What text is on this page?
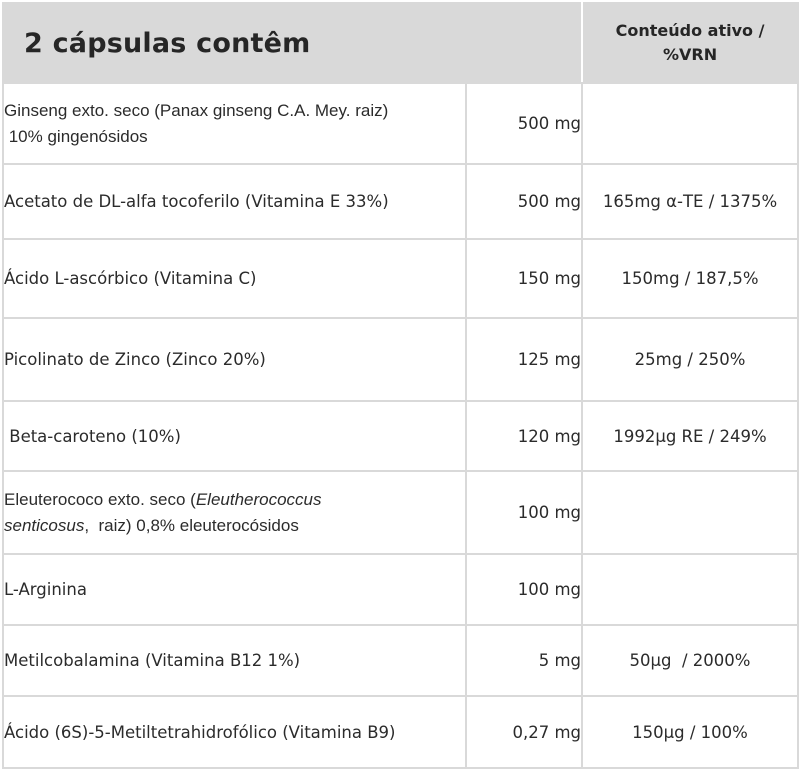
2 cápsulas contêm		Conteúdo ativo /
%VRN

Ginseng exto. seco (Panax ginseng C.A. Mey. raiz)
10% gingenósidos	500 mg	
Acetato de DL-alfa tocoferilo (Vitamina E 33%)	500 mg	165mg α-TE / 1375%
Ácido L-ascórbico (Vitamina C)	150 mg	150mg / 187,5%
Picolinato de Zinco (Zinco 20%)	125 mg	25mg / 250%
Beta-caroteno (10%)	120 mg	1992µg RE / 249%
Eleuterococo exto. seco (Eleutherococcus
senticosus,  raiz) 0,8% eleuterocósidos	100 mg	
L-Arginina	100 mg	
Metilcobalamina (Vitamina B12 1%)	5 mg	50µg  / 2000%
Ácido (6S)-5-Metiltetrahidrofólico (Vitamina B9)	0,27 mg	150µg / 100%
